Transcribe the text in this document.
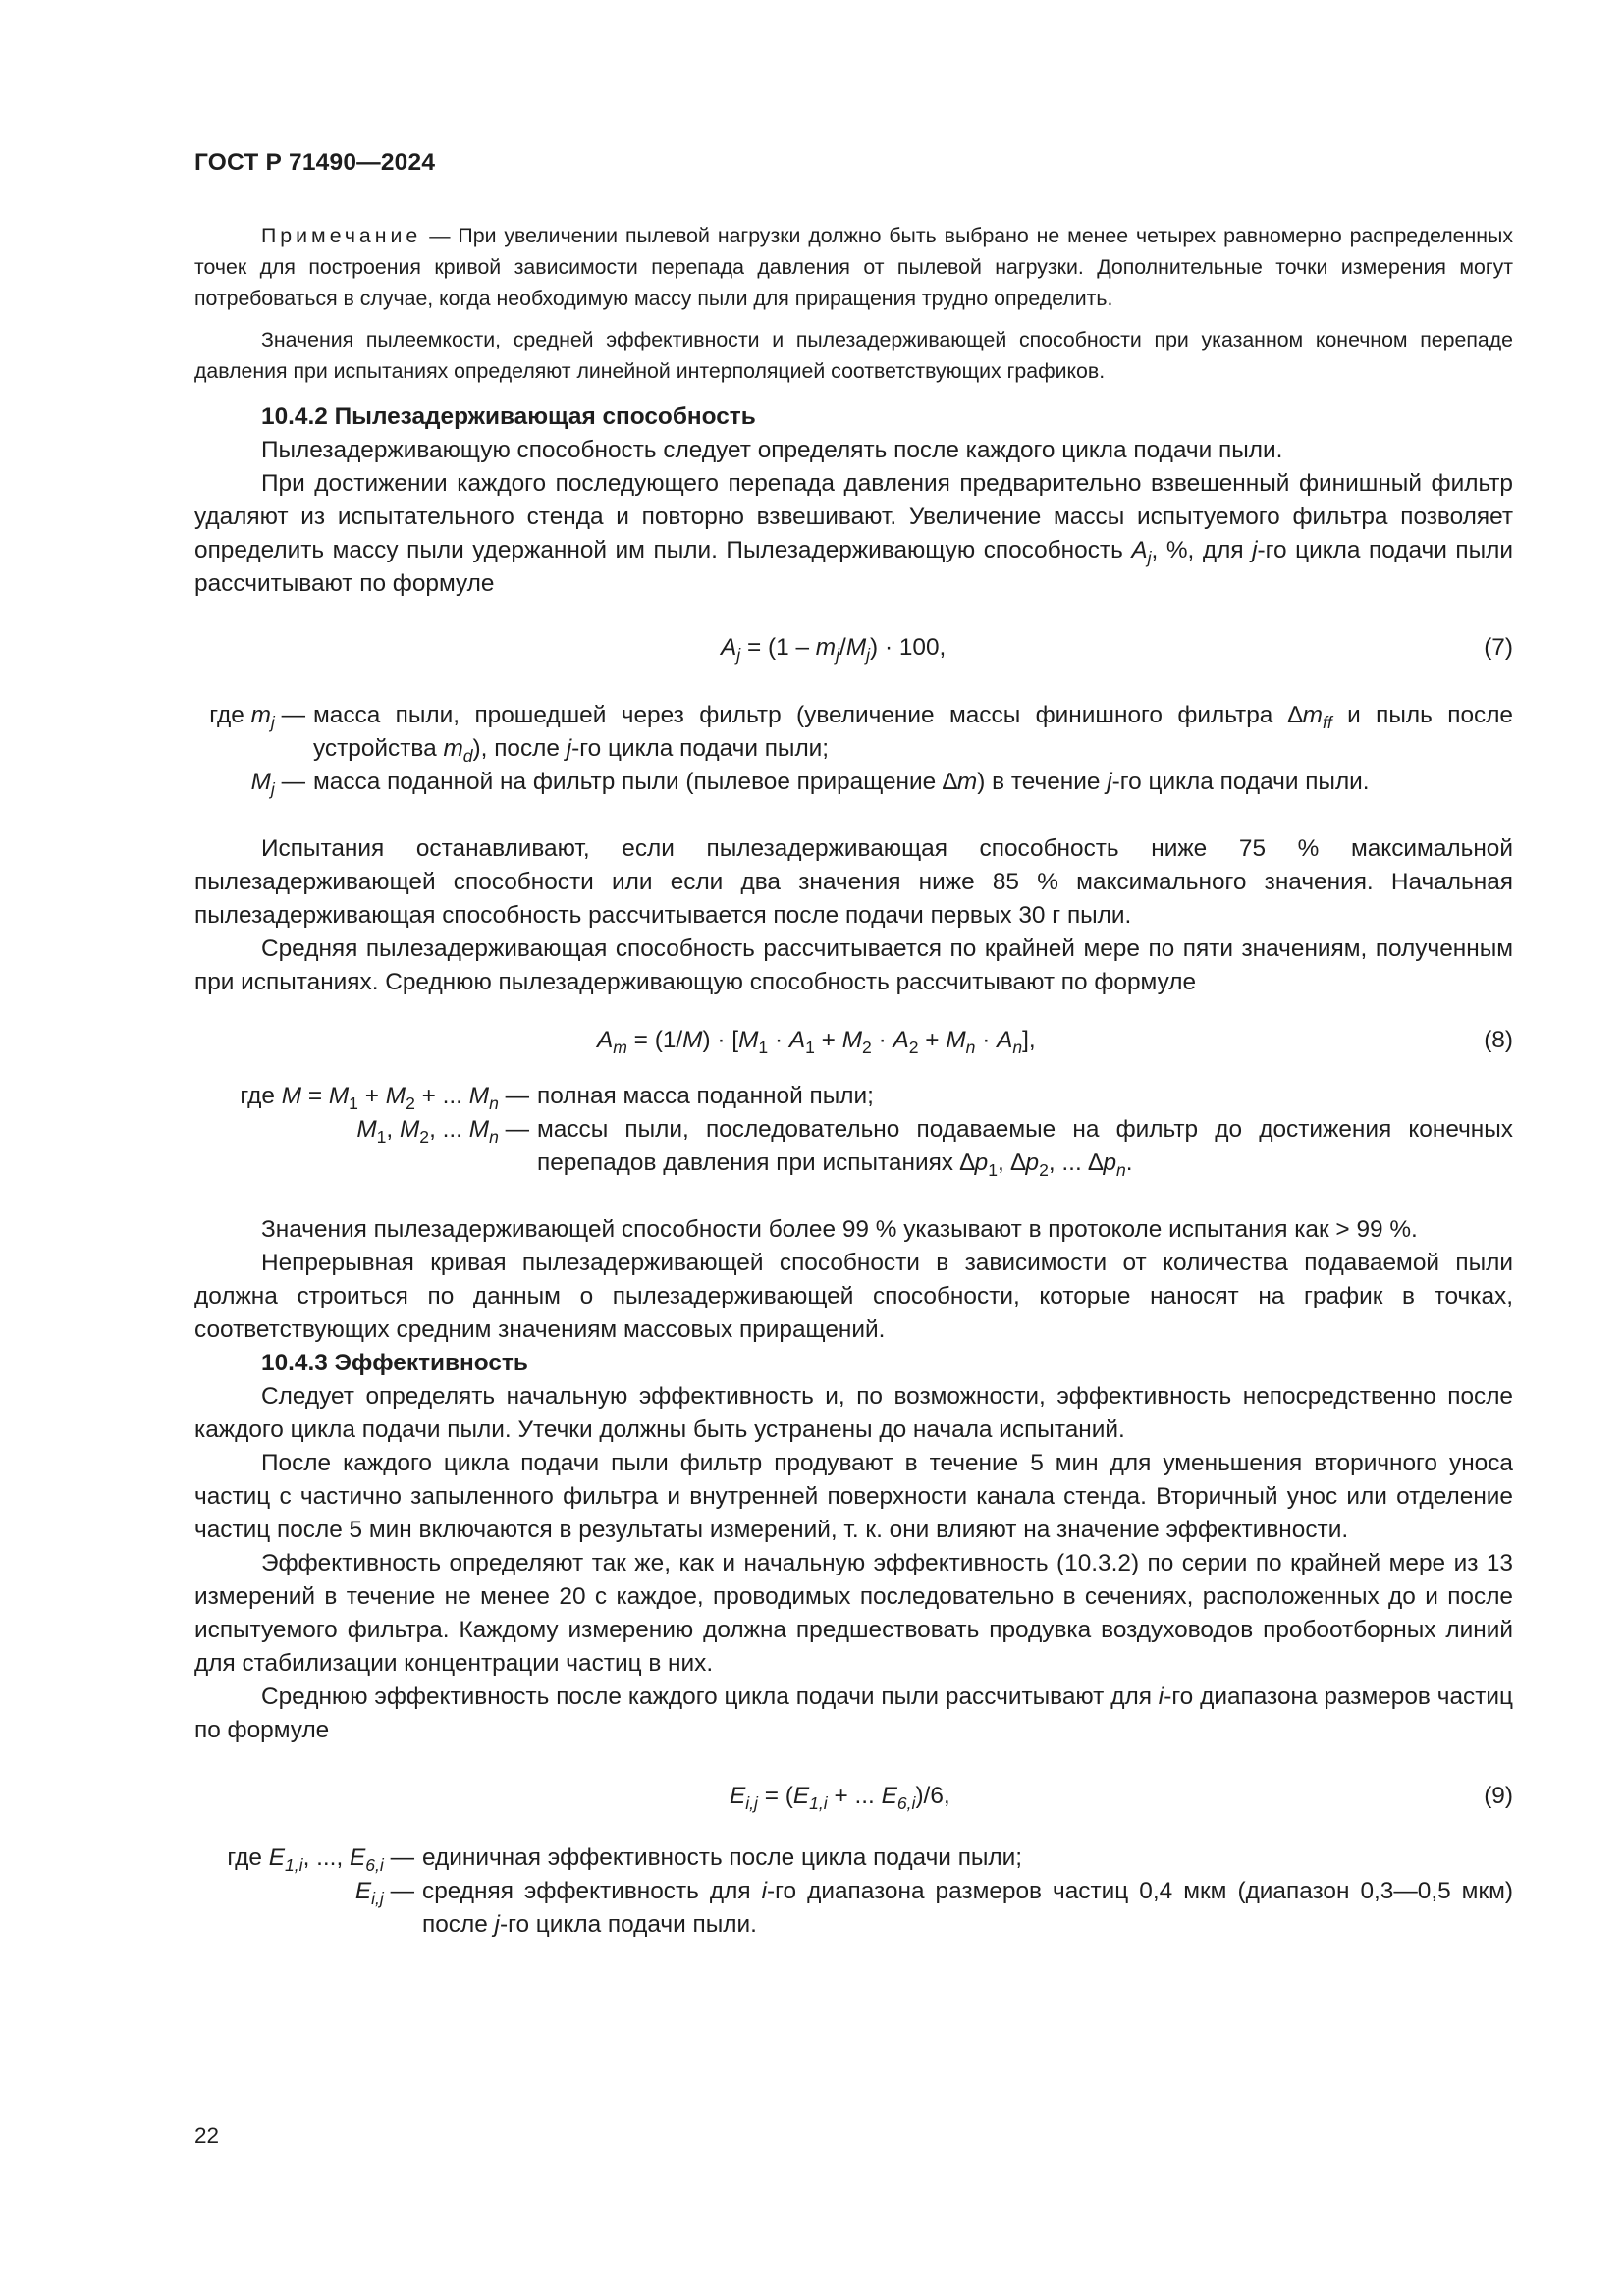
ГОСТ Р 71490—2024

Примечание — При увеличении пылевой нагрузки должно быть выбрано не менее четырех равномерно распределенных точек для построения кривой зависимости перепада давления от пылевой нагрузки. Дополнительные точки измерения могут потребоваться в случае, когда необходимую массу пыли для приращения трудно определить.

Значения пылеемкости, средней эффективности и пылезадерживающей способности при указанном конечном перепаде давления при испытаниях определяют линейной интерполяцией соответствующих графиков.

10.4.2 Пылезадерживающая способность

Пылезадерживающую способность следует определять после каждого цикла подачи пыли.

При достижении каждого последующего перепада давления предварительно взвешенный финишный фильтр удаляют из испытательного стенда и повторно взвешивают. Увеличение массы испытуемого фильтра позволяет определить массу пыли удержанной им пыли. Пылезадерживающую способность $A_j$, %, для j-го цикла подачи пыли рассчитывают по формуле

$A_j = (1 - m_j/M_j) \cdot 100$,	(7)
где $m_j$ — масса пыли, прошедшей через фильтр (увеличение массы финишного фильтра $\Delta m_{ff}$ и пыль после устройства $m_d$), после j-го цикла подачи пыли;
$M_j$ — масса поданной на фильтр пыли (пылевое приращение ∆m) в течение j-го цикла подачи пыли.

Испытания останавливают, если пылезадерживающая способность ниже 75 % максимальной пылезадерживающей способности или если два значения ниже 85 % максимального значения. Начальная пылезадерживающая способность рассчитывается после подачи первых 30 г пыли.

Средняя пылезадерживающая способность рассчитывается по крайней мере по пяти значениям, полученным при испытаниях. Среднюю пылезадерживающую способность рассчитывают по формуле

$A_m = (1/M) \cdot [M_1 \cdot A_1 + M_2 \cdot A_2 + M_n \cdot A_n]$,	(8)
где $M = M_1 + M_2$ + ... $M_n$ — полная масса поданной пыли;
$M_1$, $M_2$, ... $M_n$ — массы пыли, последовательно подаваемые на фильтр до достижения конечных перепадов давления при испытаниях $\Delta p_1$, $\Delta p_2$, ... $\Delta p_n$.

Значения пылезадерживающей способности более 99 % указывают в протоколе испытания как > 99 %.

Непрерывная кривая пылезадерживающей способности в зависимости от количества подаваемой пыли должна строиться по данным о пылезадерживающей способности, которые наносят на график в точках, соответствующих средним значениям массовых приращений.

10.4.3 Эффективность

Следует определять начальную эффективность и, по возможности, эффективность непосредственно после каждого цикла подачи пыли. Утечки должны быть устранены до начала испытаний.

После каждого цикла подачи пыли фильтр продувают в течение 5 мин для уменьшения вторичного уноса частиц с частично запыленного фильтра и внутренней поверхности канала стенда. Вторичный унос или отделение частиц после 5 мин включаются в результаты измерений, т. к. они влияют на значение эффективности.

Эффективность определяют так же, как и начальную эффективность (10.3.2) по серии по крайней мере из 13 измерений в течение не менее 20 с каждое, проводимых последовательно в сечениях, расположенных до и после испытуемого фильтра. Каждому измерению должна предшествовать продувка воздуховодов пробоотборных линий для стабилизации концентрации частиц в них.

Среднюю эффективность после каждого цикла подачи пыли рассчитывают для i-го диапазона размеров частиц по формуле

$E_{i,j} = (E_{1,i}$ + ... $E_{6,i})/6$,	(9)
где $E_{1,i}$, ..., $E_{6,i}$ — единичная эффективность после цикла подачи пыли;
$E_{i,j}$ — средняя эффективность для i-го диапазона размеров частиц 0,4 мкм (диапазон 0,3—0,5 мкм) после j-го цикла подачи пыли.
22
